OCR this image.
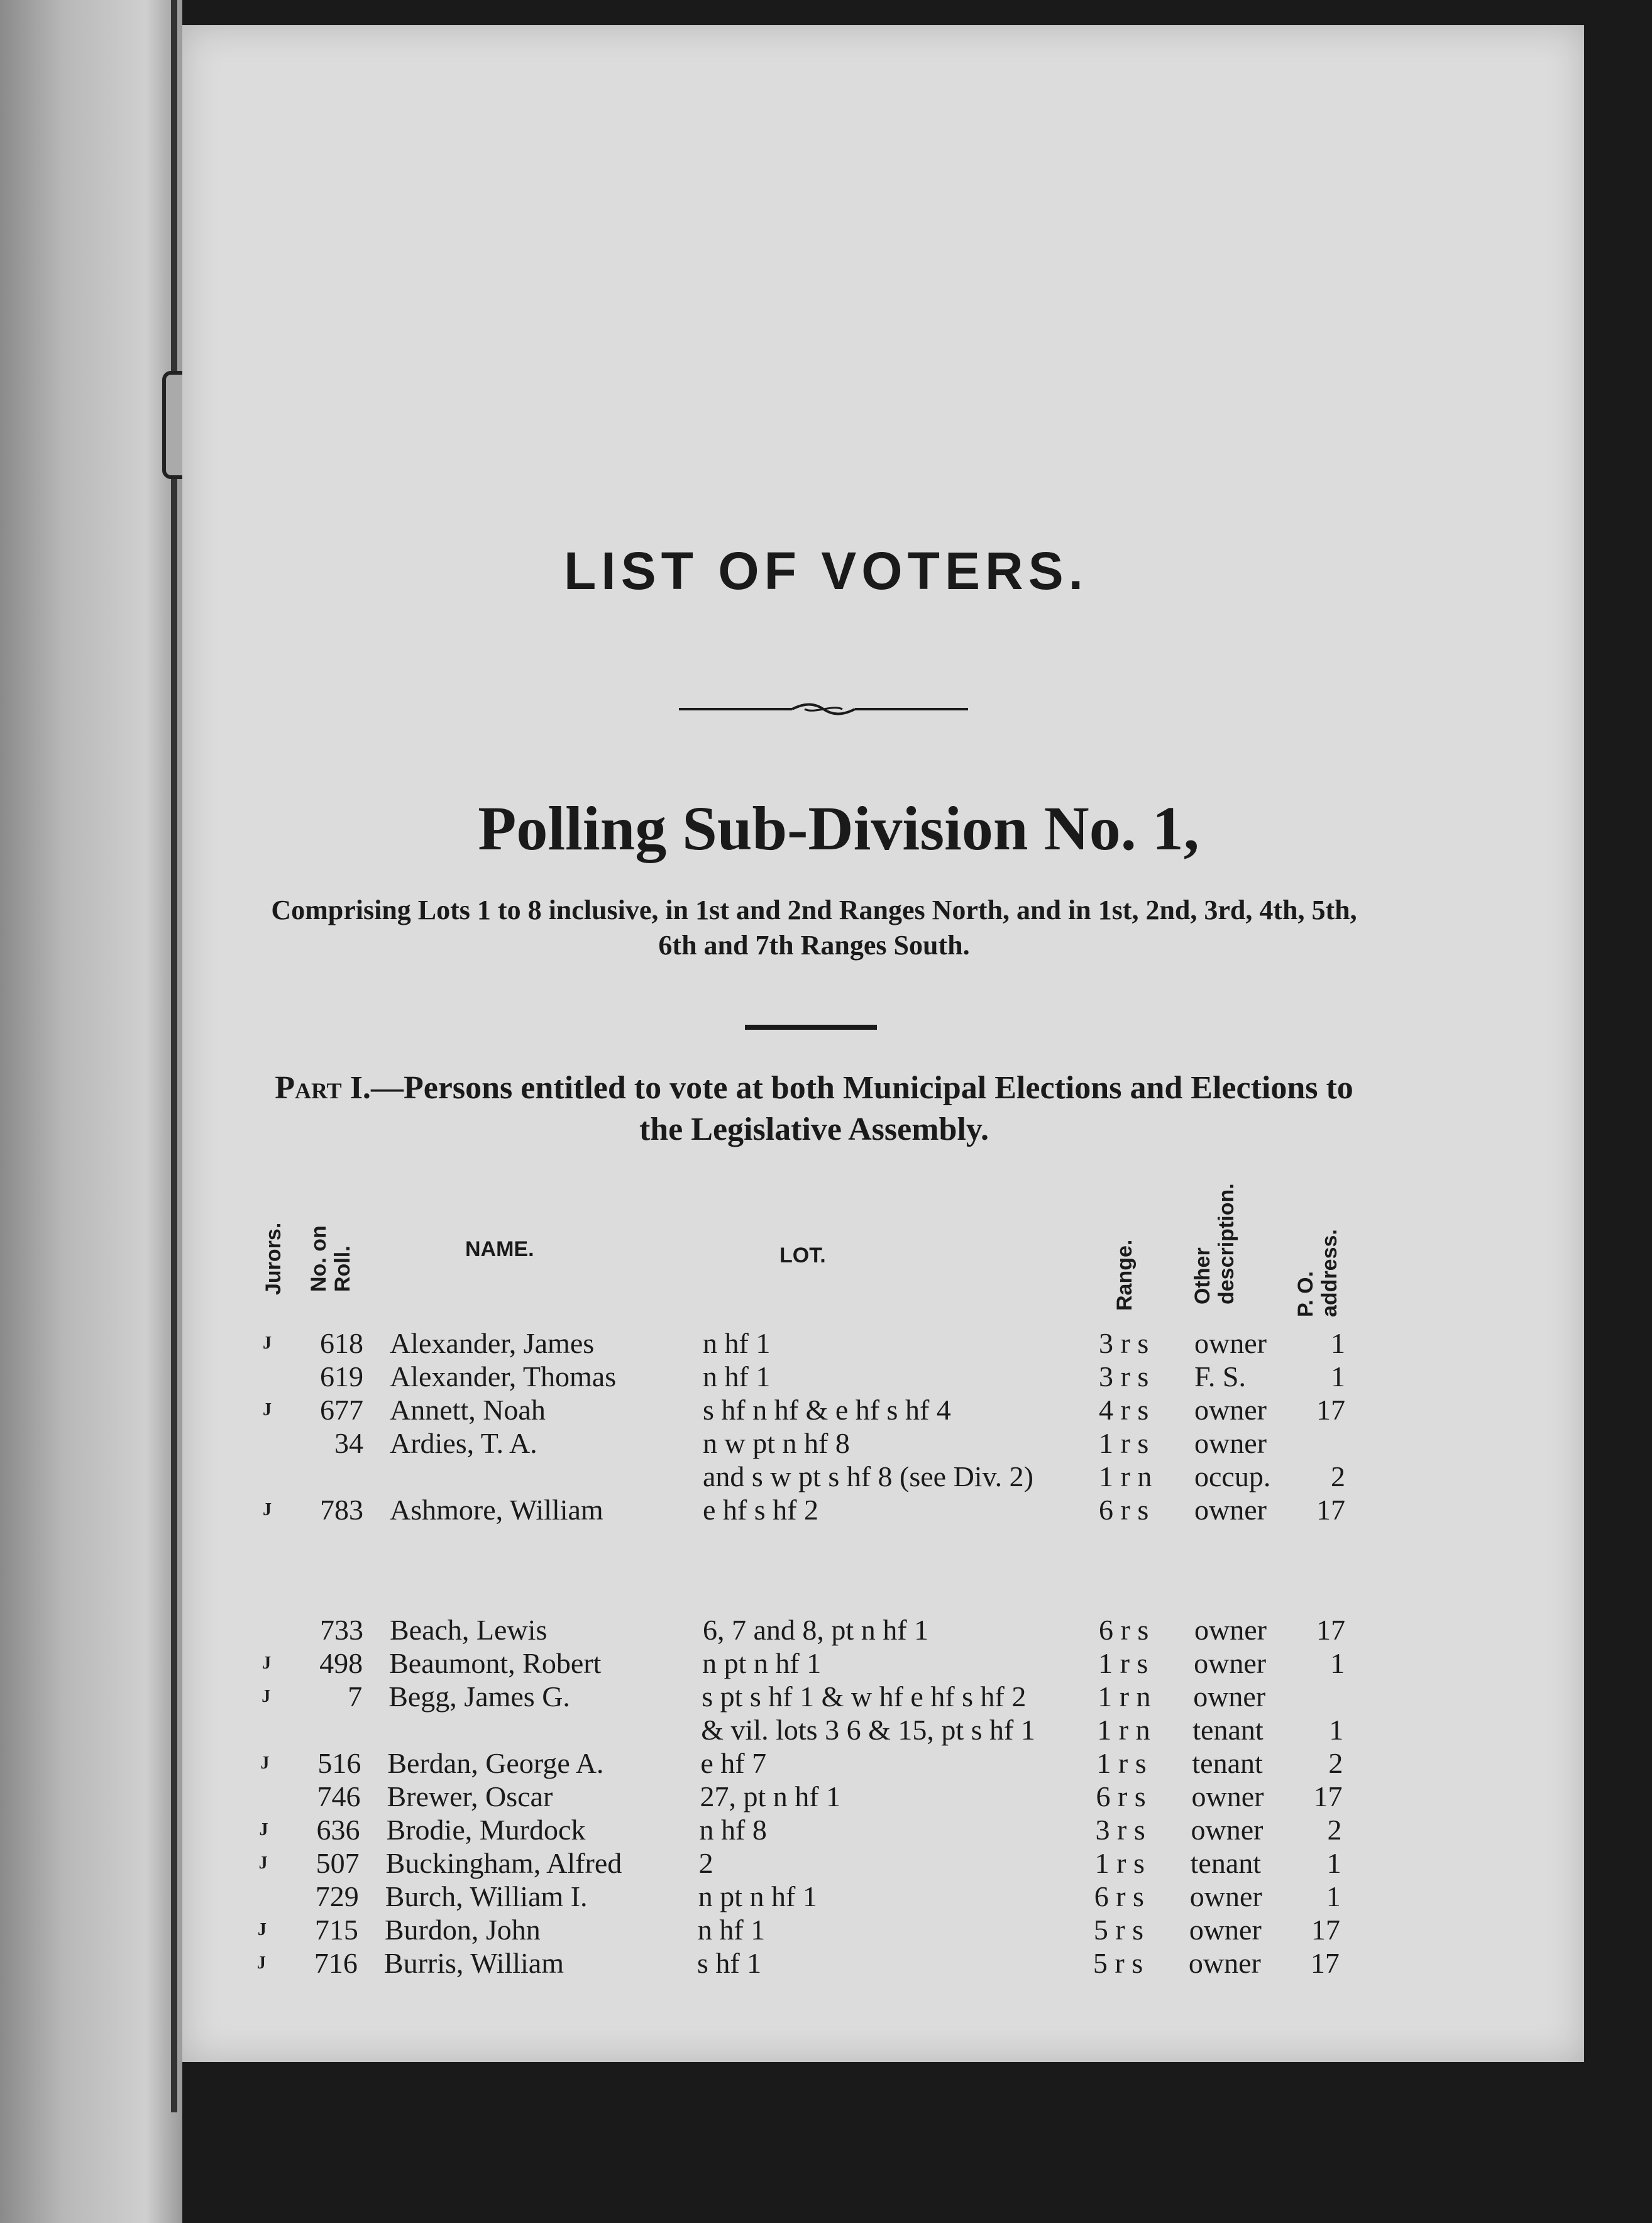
LIST OF VOTERS.
Polling Sub-Division No. 1,
Comprising Lots 1 to 8 inclusive, in 1st and 2nd Ranges North, and in 1st, 2nd, 3rd, 4th, 5th, 6th and 7th Ranges South.
Part I.—Persons entitled to vote at both Municipal Elections and Elections to the Legislative Assembly.
Jurors. No. on Roll.	NAME.	LOT.	Range.	Other description.	P. O. address.
J	618 Alexander, James	n hf 1	3 r s owner	1
619 Alexander, Thomas	n hf 1	3 r s F. S.	1
J	677 Annett, Noah	s hf n hf & e hf s hf 4	4 r s owner	17
34 Ardies, T. A.	n w pt n hf 8	1 r s owner
and s w pt s hf 8 (see Div. 2) 1 r n occup.	2
J	783 Ashmore, William	e hf s hf 2	6 r s owner	17
733 Beach, Lewis	6, 7 and 8, pt n hf 1	6 r s owner	17
J	498 Beaumont, Robert	n pt n hf 1	1 r s owner	1
J	7 Begg, James G.	s pt s hf 1 & w hf e hf s hf 2 1 r n owner
& vil. lots 3 6 & 15, pt s hf 1 1 r n tenant	1
J	516 Berdan, George A.	e hf 7	1 r s tenant	2
746 Brewer, Oscar	27, pt n hf 1	6 r s owner	17
J	636 Brodie, Murdock	n hf 8	3 r s owner	2
J	507 Buckingham, Alfred	2	1 r s tenant	1
729 Burch, William I.	n pt n hf 1	6 r s owner	1
J	715 Burdon, John	n hf 1	5 r s owner	17
J	716 Burris, William	s hf 1	5 r s owner	17
